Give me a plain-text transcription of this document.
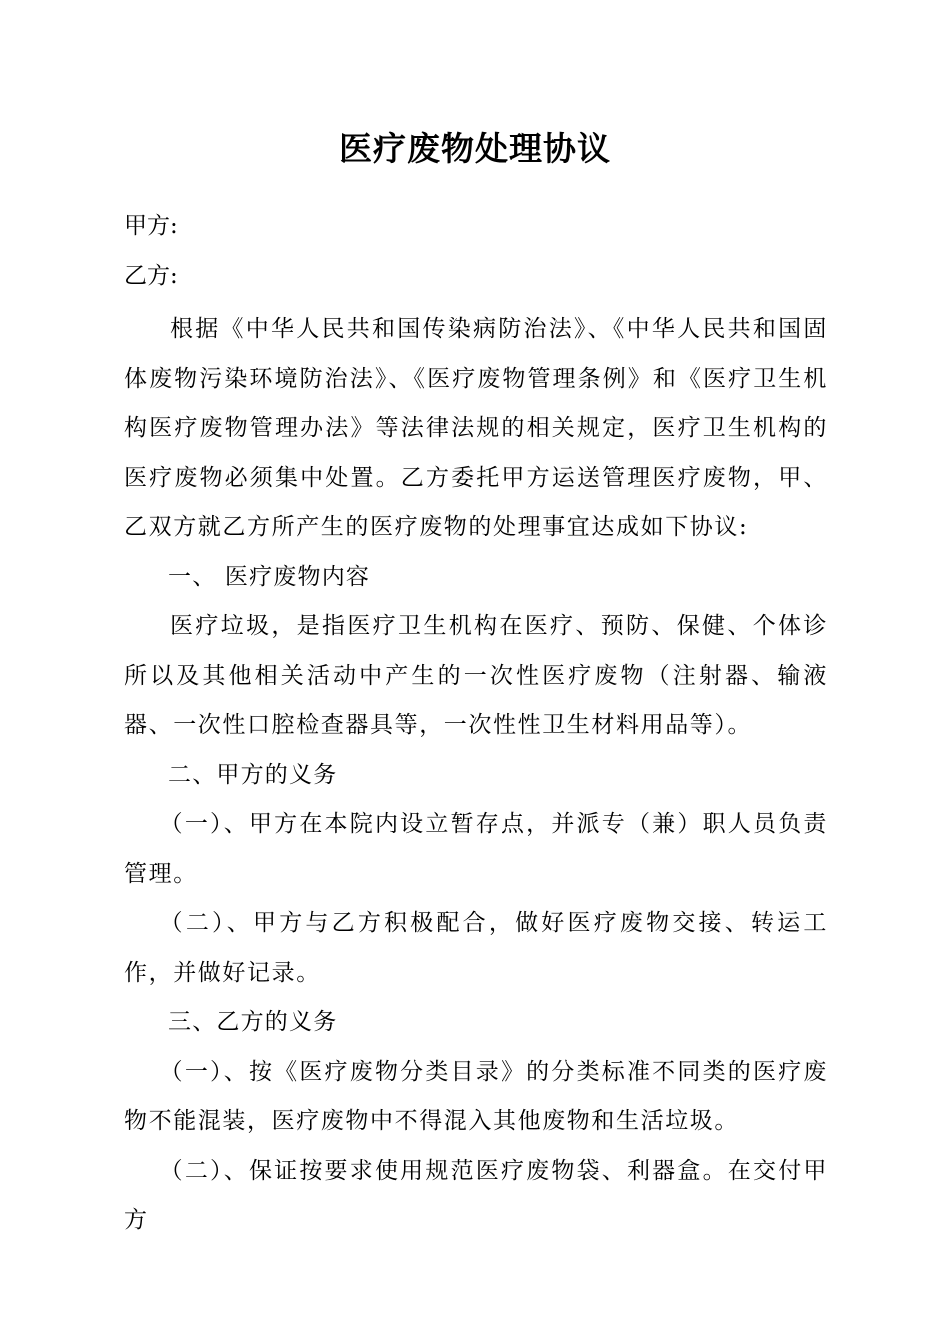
医疗废物处理协议
甲方:
乙方:

根据《中华人民共和国传染病防治法》、《中华人民共和国固体废物污染环境防治法》、《医疗废物管理条例》和《医疗卫生机构医疗废物管理办法》等法律法规的相关规定，医疗卫生机构的医疗废物必须集中处置。乙方委托甲方运送管理医疗废物，甲、乙双方就乙方所产生的医疗废物的处理事宜达成如下协议:

一、 医疗废物内容

医疗垃圾，是指医疗卫生机构在医疗、预防、保健、个体诊所以及其他相关活动中产生的一次性医疗废物（注射器、输液器、一次性口腔检查器具等，一次性性卫生材料用品等）。

二、甲方的义务

（一）、甲方在本院内设立暂存点，并派专（兼）职人员负责管理。

（二）、甲方与乙方积极配合，做好医疗废物交接、转运工作，并做好记录。

三、乙方的义务

（一）、按《医疗废物分类目录》的分类标准不同类的医疗废物不能混装，医疗废物中不得混入其他废物和生活垃圾。

（二）、保证按要求使用规范医疗废物袋、利器盒。在交付甲方
